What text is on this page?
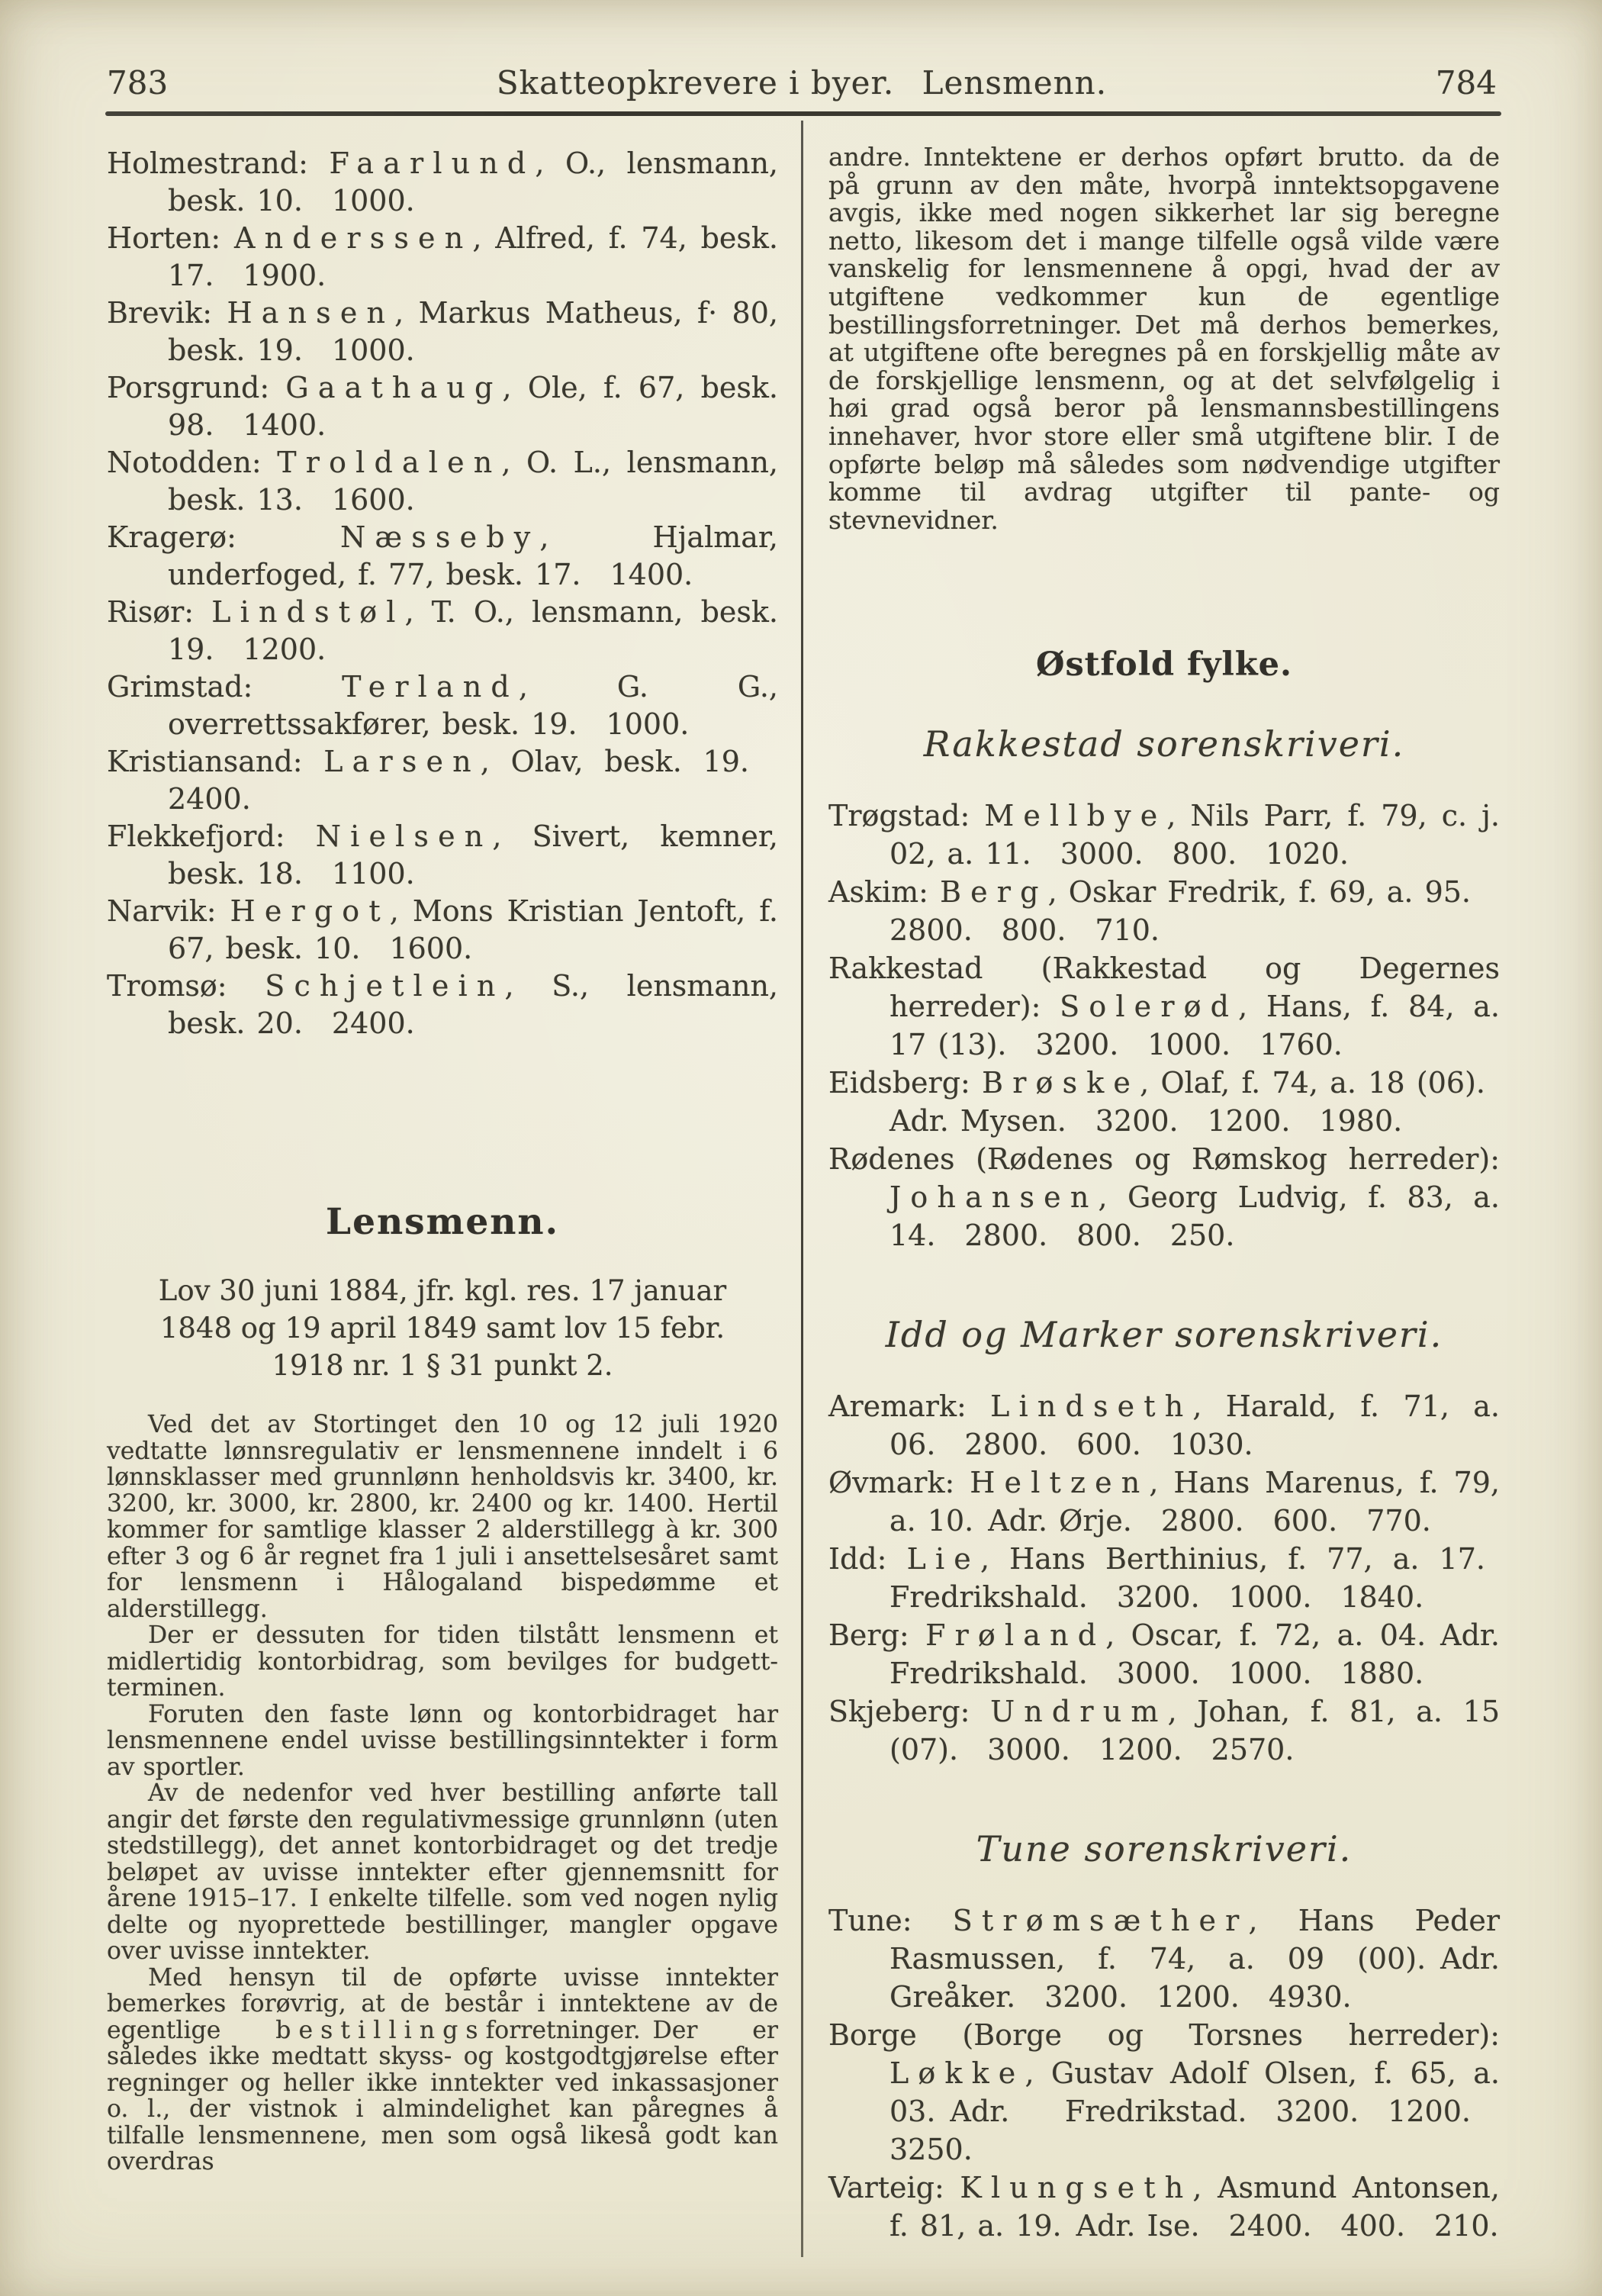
783	Skatteopkrevere i byer.  Lensmenn.	784

Holmestrand: Faarlund, O., lensmann, besk. 10.  1000.

Horten: Anderssen, Alfred, f. 74, besk. 17.  1900.

Brevik: Hansen, Markus Matheus, f· 80, besk. 19.  1000.

Porsgrund: Gaathaug, Ole, f. 67, besk. 98.  1400.

Notodden: Troldalen, O. L., lensmann, besk. 13.  1600.

Kragerø: Næsseby, Hjalmar, underfoged, f. 77, besk. 17.  1400.

Risør: Lindstøl, T. O., lensmann, besk. 19.  1200.

Grimstad: Terland, G. G., overrettssakfører, besk. 19.  1000.

Kristiansand: Larsen, Olav, besk. 19.  2400.

Flekkefjord: Nielsen, Sivert, kemner, besk. 18.  1100.

Narvik: Hergot, Mons Kristian Jentoft, f. 67, besk. 10.  1600.

Tromsø: Schjetlein, S., lensmann, besk. 20.  2400.

Lensmenn.
Lov 30 juni 1884, jfr. kgl. res. 17 januar
1848 og 19 april 1849 samt lov 15 febr.
1918 nr. 1 § 31 punkt 2.

Ved det av Stortinget den 10 og 12 juli 1920 vedtatte lønnsregulativ er lensmennene inndelt i 6 lønnsklasser med grunnlønn henholdsvis kr. 3400, kr. 3200, kr. 3000, kr. 2800, kr. 2400 og kr. 1400. Hertil kommer for samtlige klasser 2 alderstillegg à kr. 300 efter 3 og 6 år regnet fra 1 juli i ansettelsesåret samt for lensmenn i Hålogaland bispedømme et alderstillegg.

Der er dessuten for tiden tilstått lensmenn et midlertidig kontorbidrag, som bevilges for budgett-terminen.

Foruten den faste lønn og kontorbidraget har lensmennene endel uvisse bestillingsinntekter i form av sportler.

Av de nedenfor ved hver bestilling anførte tall angir det første den regulativmessige grunnlønn (uten stedstillegg), det annet kontorbidraget og det tredje beløpet av uvisse inntekter efter gjennemsnitt for årene 1915–17. I enkelte tilfelle. som ved nogen nylig delte og nyoprettede bestillinger, mangler opgave over uvisse inntekter.

Med hensyn til de opførte uvisse inntekter bemerkes forøvrig, at de består i inntektene av de egentlige bestillingsforretninger. Der er således ikke medtatt skyss- og kostgodtgjørelse efter regninger og heller ikke inntekter ved inkassasjoner o. l., der vistnok i almindelighet kan påregnes å tilfalle lensmennene, men som også likeså godt kan overdras

andre. Inntektene er derhos opført brutto. da de på grunn av den måte, hvorpå inntektsopgavene avgis, ikke med nogen sikkerhet lar sig beregne netto, likesom det i mange tilfelle også vilde være vanskelig for lensmennene å opgi, hvad der av utgiftene vedkommer kun de egentlige bestillingsforretninger. Det må derhos bemerkes, at utgiftene ofte beregnes på en forskjellig måte av de forskjellige lensmenn, og at det selvfølgelig i høi grad også beror på lensmannsbestillingens innehaver, hvor store eller små utgiftene blir. I de opførte beløp må således som nødvendige utgifter komme til avdrag utgifter til pante- og stevnevidner.

Østfold fylke.
Rakkestad sorenskriveri.

Trøgstad: Mellbye, Nils Parr, f. 79, c. j. 02, a. 11.  3000.  800.  1020.

Askim: Berg, Oskar Fredrik, f. 69, a. 95.  2800.  800.  710.

Rakkestad (Rakkestad og Degernes herreder): Solerød, Hans, f. 84, a. 17 (13).  3200.  1000.  1760.

Eidsberg: Brøske, Olaf, f. 74, a. 18 (06). Adr. Mysen.  3200.  1200.  1980.

Rødenes (Rødenes og Rømskog herreder): Johansen, Georg Ludvig, f. 83, a. 14.  2800.  800.  250.

Idd og Marker sorenskriveri.

Aremark: Lindseth, Harald, f. 71, a. 06.  2800.  600.  1030.

Øvmark: Heltzen, Hans Marenus, f. 79, a. 10. Adr. Ørje.  2800.  600.  770.

Idd: Lie, Hans Berthinius, f. 77, a. 17. Fredrikshald.  3200.  1000.  1840.

Berg: Frøland, Oscar, f. 72, a. 04. Adr. Fredrikshald.  3000.  1000.  1880.

Skjeberg: Undrum, Johan, f. 81, a. 15 (07).  3000.  1200.  2570.

Tune sorenskriveri.

Tune: Strømsæther, Hans Peder Rasmussen, f. 74, a. 09 (00). Adr. Greåker.  3200.  1200.  4930.

Borge (Borge og Torsnes herreder): Løkke, Gustav Adolf Olsen, f. 65, a. 03. Adr. Fredrikstad.  3200.  1200.  3250.

Varteig: Klungseth, Asmund Antonsen, f. 81, a. 19. Adr. Ise.  2400.  400.  210.
